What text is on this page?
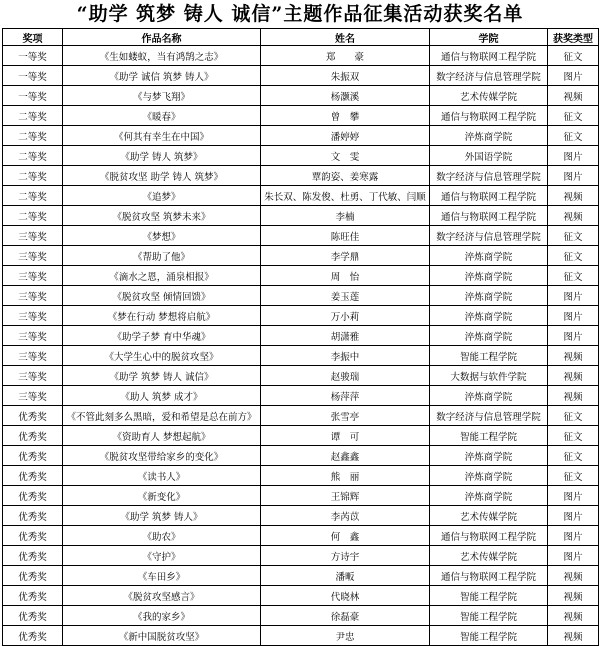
“助学 筑梦 铸人 诚信”主题作品征集活动获奖名单
奖项	作品名称	姓名	学院	获奖类型
一等奖	《生如蝼蚁，当有鸿鹄之志》	郑　　豪	通信与物联网工程学院	征文
一等奖	《助学 诚信 筑梦 铸人》	朱振双	数字经济与信息管理学院	图片
一等奖	《与梦飞翔》	杨灏溪	艺术传媒学院	视频
二等奖	《暖春》	曾　攀	通信与物联网工程学院	征文
二等奖	《何其有幸生在中国》	潘婷婷	淬炼商学院	征文
二等奖	《助学 铸人 筑梦》	文　雯	外国语学院	图片
二等奖	《脱贫攻坚 助学 铸人 筑梦》	覃韵姿、姜寒露	数字经济与信息管理学院	图片
二等奖	《追梦》	朱长双、陈发俊、杜勇、丁代敏、闫顺	通信与物联网工程学院	视频
二等奖	《脱贫攻坚 筑梦未来》	李楠	通信与物联网工程学院	视频
三等奖	《梦想》	陈旺佳	数字经济与信息管理学院	征文
三等奖	《帮助了他》	李学鼎	淬炼商学院	征文
三等奖	《滴水之恩，涌泉相报》	周　怡	淬炼商学院	征文
三等奖	《脱贫攻坚 倾情回馈》	姜玉莲	淬炼商学院	图片
三等奖	《梦在行动 梦想将启航》	万小莉	淬炼商学院	图片
三等奖	《助学子梦 育中华魂》	胡潇雅	淬炼商学院	图片
三等奖	《大学生心中的脱贫攻坚》	李振中	智能工程学院	视频
三等奖	《助学 筑梦 铸人 诚信》	赵骏瑞	大数据与软件学院	视频
三等奖	《助人 筑梦 成才》	杨萍萍	淬炼商学院	视频
优秀奖	《不管此刻多么黑暗，爱和希望是总在前方》	张雪亭	数字经济与信息管理学院	征文
优秀奖	《资助育人 梦想起航》	谭　可	智能工程学院	征文
优秀奖	《脱贫攻坚带给家乡的变化》	赵鑫鑫	淬炼商学院	征文
优秀奖	《读书人》	熊　丽	淬炼商学院	征文
优秀奖	《新变化》	王锦辉	淬炼商学院	图片
优秀奖	《助学 筑梦 铸人》	李芮苡	艺术传媒学院	图片
优秀奖	《助农》	何　鑫	通信与物联网工程学院	图片
优秀奖	《守护》	方诗宇	艺术传媒学院	图片
优秀奖	《车田乡》	潘畈	通信与物联网工程学院	视频
优秀奖	《脱贫攻坚感言》	代晓林	智能工程学院	视频
优秀奖	《我的家乡》	徐磊豪	智能工程学院	视频
优秀奖	《新中国脱贫攻坚》	尹忠	智能工程学院	视频
